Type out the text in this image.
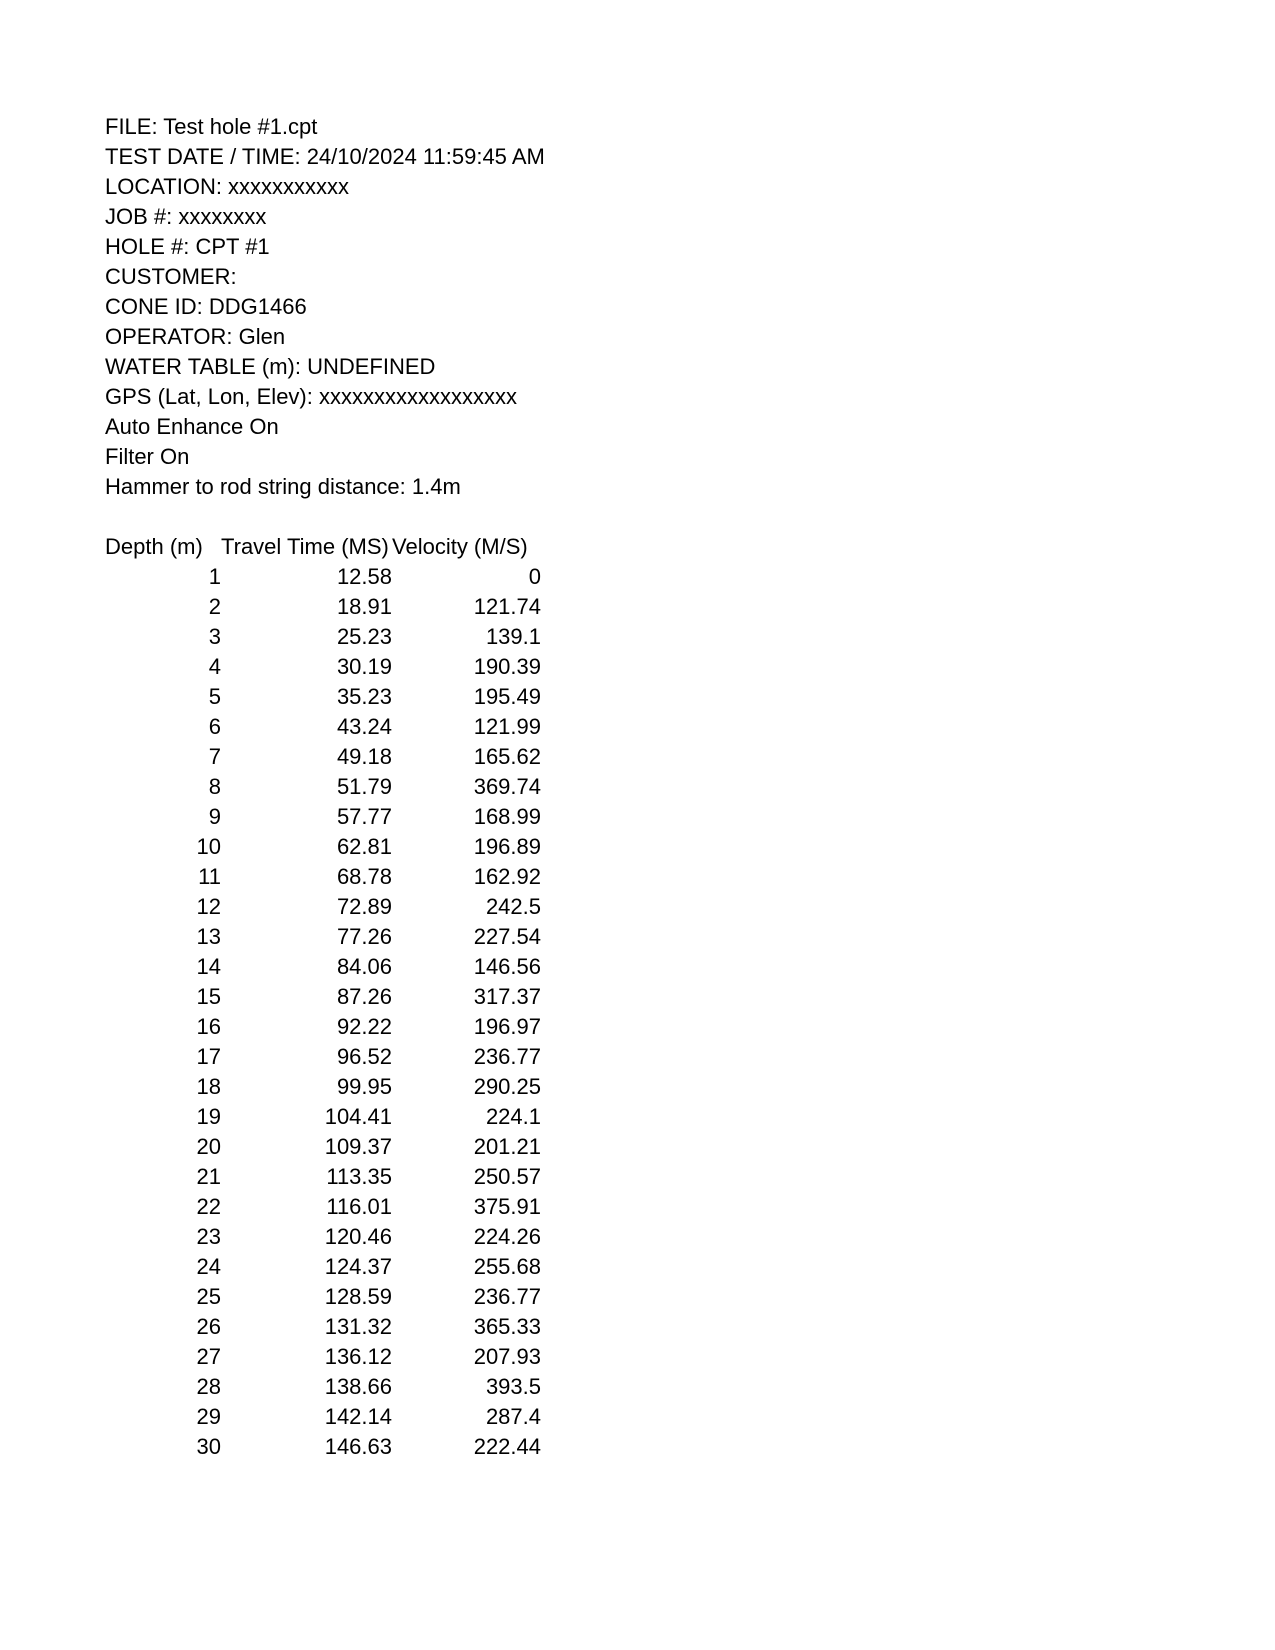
FILE: Test hole #1.cpt
TEST DATE / TIME: 24/10/2024 11:59:45 AM
LOCATION: xxxxxxxxxxx
JOB #: xxxxxxxx
HOLE #: CPT #1
CUSTOMER:
CONE ID: DDG1466
OPERATOR: Glen
WATER TABLE (m): UNDEFINED
GPS (Lat, Lon, Elev): xxxxxxxxxxxxxxxxxx
Auto Enhance On
Filter On
Hammer to rod string distance: 1.4m
Depth (m)	Travel Time (MS)	Velocity (M/S)
1	12.58	0
2	18.91	121.74
3	25.23	139.1
4	30.19	190.39
5	35.23	195.49
6	43.24	121.99
7	49.18	165.62
8	51.79	369.74
9	57.77	168.99
10	62.81	196.89
11	68.78	162.92
12	72.89	242.5
13	77.26	227.54
14	84.06	146.56
15	87.26	317.37
16	92.22	196.97
17	96.52	236.77
18	99.95	290.25
19	104.41	224.1
20	109.37	201.21
21	113.35	250.57
22	116.01	375.91
23	120.46	224.26
24	124.37	255.68
25	128.59	236.77
26	131.32	365.33
27	136.12	207.93
28	138.66	393.5
29	142.14	287.4
30	146.63	222.44
